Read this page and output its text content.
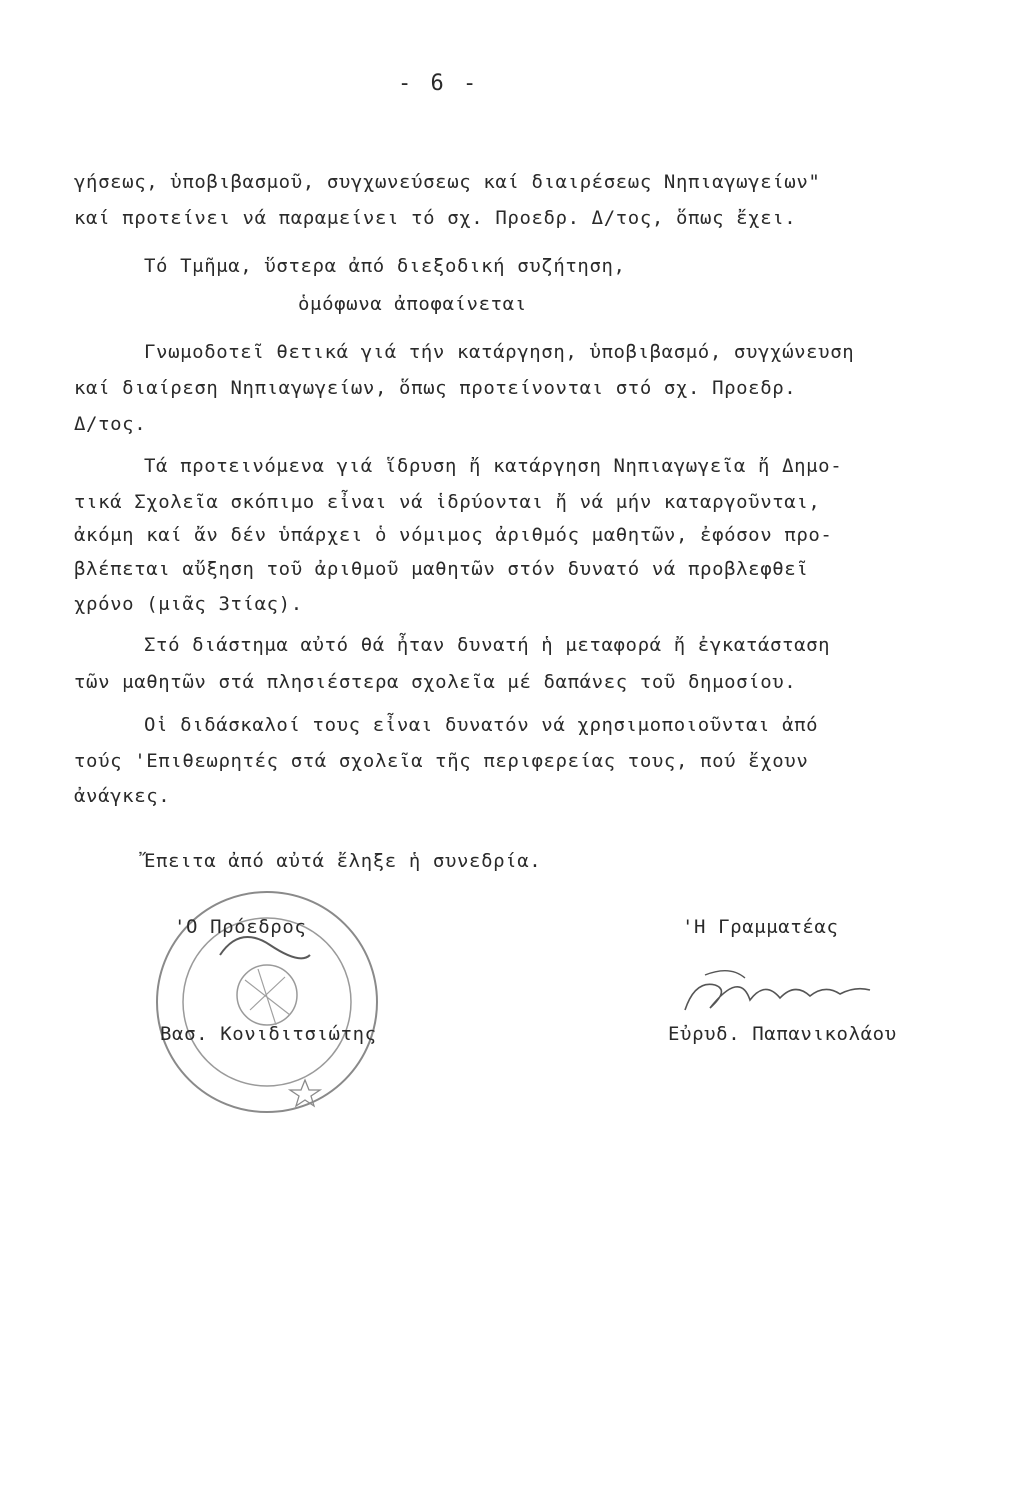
- 6 -
γήσεως, ὑποβιβασμοῦ, συγχωνεύσεως καί διαιρέσεως Νηπιαγωγείων"
καί προτείνει νά παραμείνει τό σχ. Προεδρ. Δ/τος, ὅπως ἔχει.
Τό Τμῆμα, ὕστερα ἀπό διεξοδική συζήτηση,
ὁμόφωνα ἀποφαίνεται
Γνωμοδοτεῖ θετικά γιά τήν κατάργηση, ὑποβιβασμό, συγχώνευση
καί διαίρεση Νηπιαγωγείων, ὅπως προτείνονται στό σχ. Προεδρ.
Δ/τος.
Τά προτεινόμενα γιά ἵδρυση ἤ κατάργηση Νηπιαγωγεῖα ἤ Δημο-
τικά Σχολεῖα σκόπιμο εἶναι νά ἱδρύονται ἤ νά μήν καταργοῦνται,
ἀκόμη καί ἄν δέν ὑπάρχει ὁ νόμιμος ἀριθμός μαθητῶν, ἐφόσον προ-
βλέπεται αὔξηση τοῦ ἀριθμοῦ μαθητῶν στόν δυνατό νά προβλεφθεῖ
χρόνο (μιᾶς 3τίας).
Στό διάστημα αὐτό θά ἦταν δυνατή ἡ μεταφορά ἤ ἐγκατάσταση
τῶν μαθητῶν στά πλησιέστερα σχολεῖα μέ δαπάνες τοῦ δημοσίου.
Οἱ διδάσκαλοί τους εἶναι δυνατόν νά χρησιμοποιοῦνται ἀπό
τούς 'Επιθεωρητές στά σχολεῖα τῆς περιφερείας τους, πού ἔχουν
ἀνάγκες.
Ἔπειτα ἀπό αὐτά ἔληξε ἡ συνεδρία.
'Ο Πρόεδρος
Βασ. Κονιδιτσιώτης
'Η Γραμματέας
Εὐρυδ. Παπανικολάου
